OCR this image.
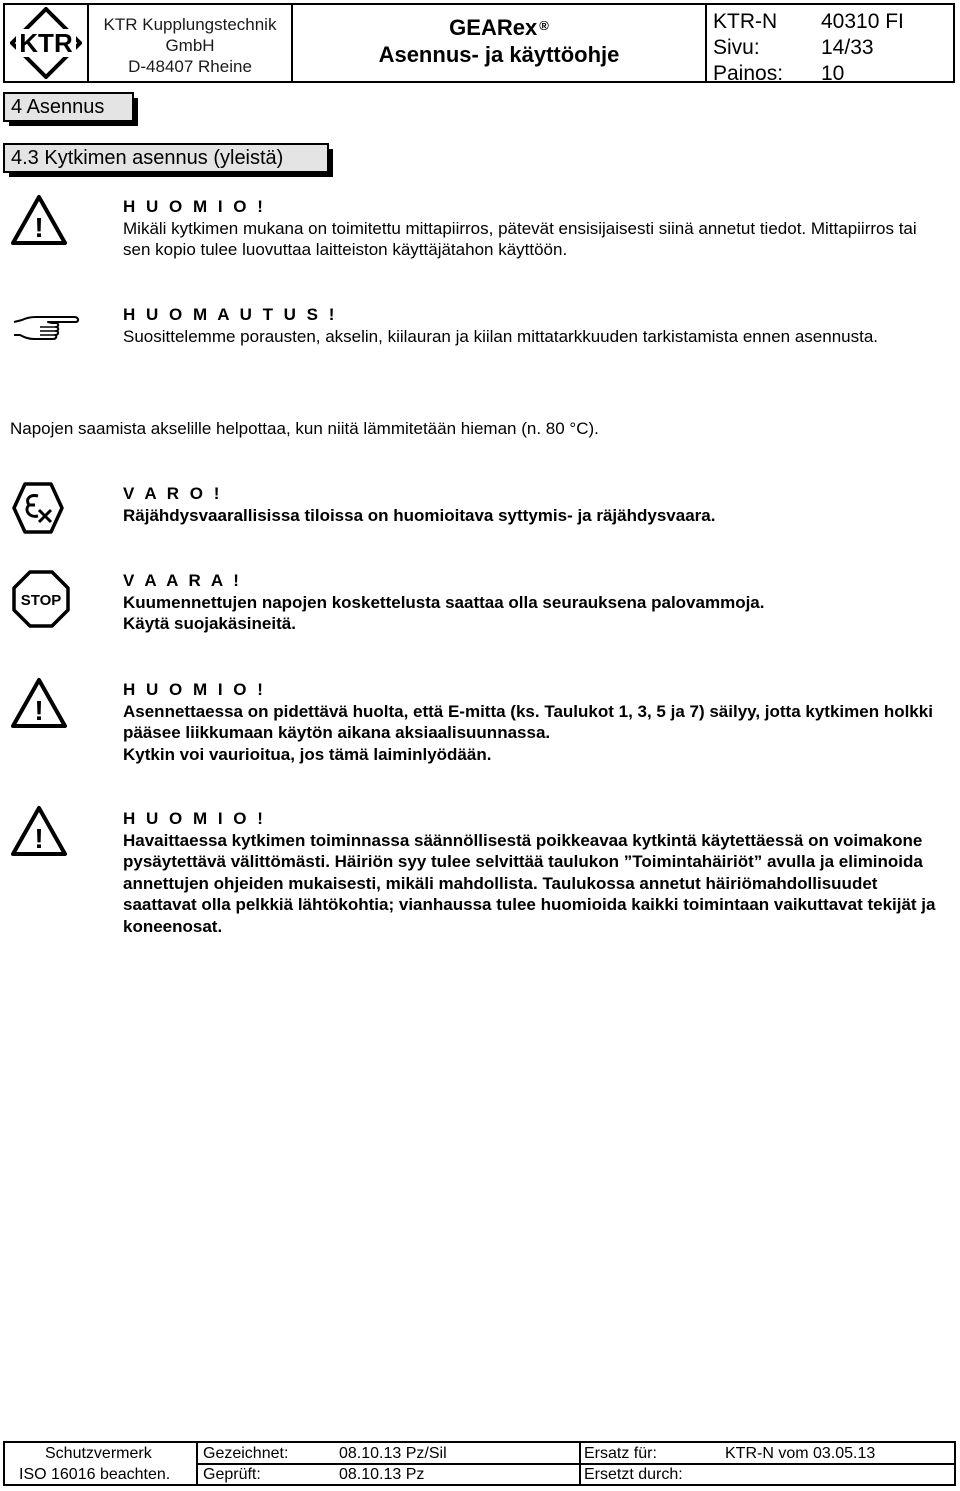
KTR
KTR Kupplungstechnik
GmbH
D-48407 Rheine
GEARex ®
Asennus- ja käyttöohje
KTR-N	40310 FI
Sivu:	14/33
Painos:	10
4 Asennus
4.3 Kytkimen asennus (yleistä)
!

H U O M I O !

Mikäli kytkimen mukana on toimitettu mittapiirros, pätevät ensisijaisesti siinä annetut tiedot. Mittapiirros tai sen kopio tulee luovuttaa laitteiston käyttäjätahon käyttöön.

H U O M A U T U S !

Suosittelemme porausten, akselin, kiilauran ja kiilan mittatarkkuuden tarkistamista ennen asennusta.

Napojen saamista akselille helpottaa, kun niitä lämmitetään hieman (n. 80 °C).

V A R O !

Räjähdysvaarallisissa tiloissa on huomioitava syttymis- ja räjähdysvaara.

STOP

V A A R A !

Kuumennettujen napojen koskettelusta saattaa olla seurauksena palovammoja.

Käytä suojakäsineitä.

!

H U O M I O !

Asennettaessa on pidettävä huolta, että E-mitta (ks. Taulukot 1, 3, 5 ja 7) säilyy, jotta kytkimen holkki pääsee liikkumaan käytön aikana aksiaalisuunnassa.

Kytkin voi vaurioitua, jos tämä laiminlyödään.

!

H U O M I O !

Havaittaessa kytkimen toiminnassa säännöllisestä poikkeavaa kytkintä käytettäessä on voimakone pysäytettävä välittömästi. Häiriön syy tulee selvittää taulukon ”Toimintahäiriöt” avulla ja eliminoida annettujen ohjeiden mukaisesti, mikäli mahdollista. Taulukossa annetut häiriömahdollisuudet saattavat olla pelkkiä lähtökohtia; vianhaussa tulee huomioida kaikki toimintaan vaikuttavat tekijät ja koneenosat.

Schutzvermerk
ISO 16016 beachten.
Gezeichnet:	08.10.13 Pz/Sil
Geprüft:	08.10.13 Pz
Ersatz für:	KTR-N vom 03.05.13
Ersetzt durch:
